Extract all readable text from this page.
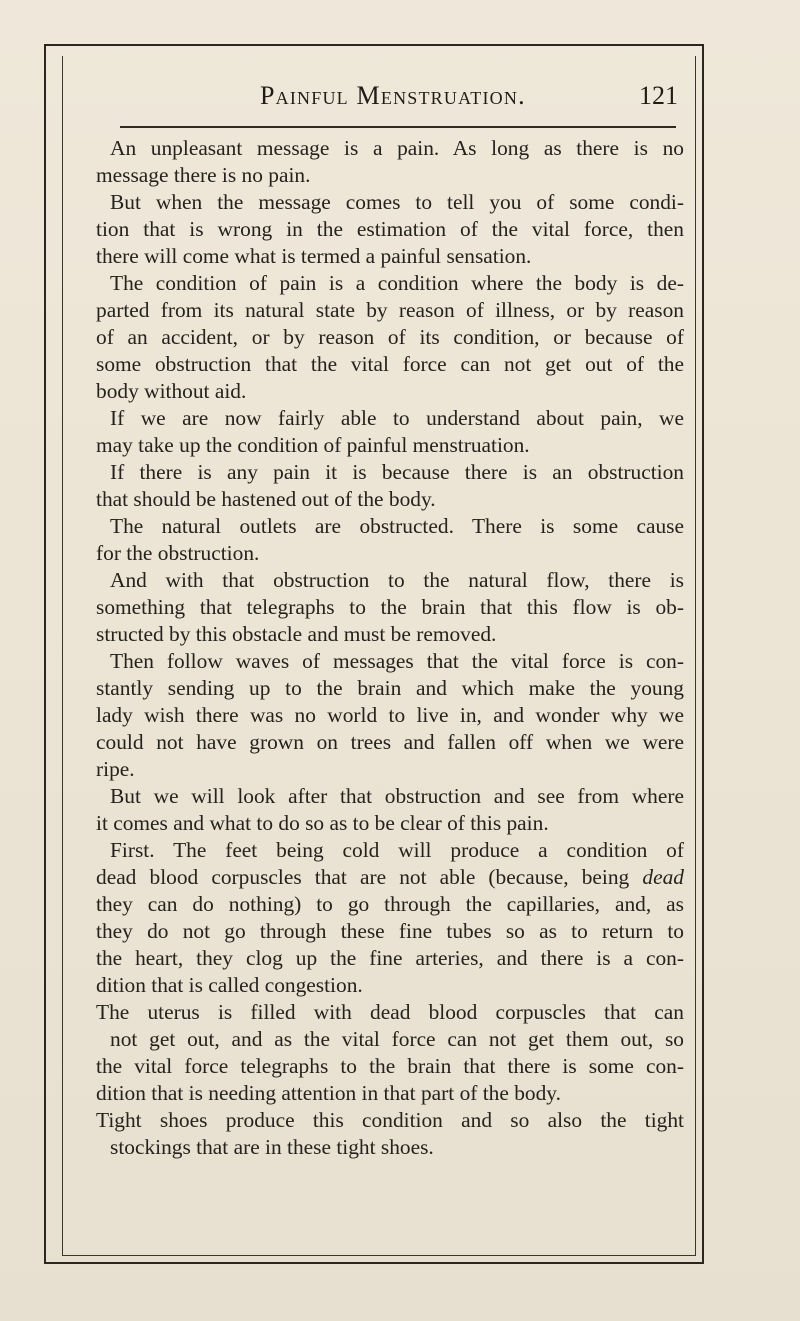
Painful Menstruation.	121
An unpleasant message is a pain. As long as there is no
message there is no pain.
But when the message comes to tell you of some condi-
tion that is wrong in the estimation of the vital force, then
there will come what is termed a painful sensation.
The condition of pain is a condition where the body is de-
parted from its natural state by reason of illness, or by reason
of an accident, or by reason of its condition, or because of
some obstruction that the vital force can not get out of the
body without aid.
If we are now fairly able to understand about pain, we
may take up the condition of painful menstruation.
If there is any pain it is because there is an obstruction
that should be hastened out of the body.
The natural outlets are obstructed. There is some cause
for the obstruction.
And with that obstruction to the natural flow, there is
something that telegraphs to the brain that this flow is ob-
structed by this obstacle and must be removed.
Then follow waves of messages that the vital force is con-
stantly sending up to the brain and which make the young
lady wish there was no world to live in, and wonder why we
could not have grown on trees and fallen off when we were
ripe.
But we will look after that obstruction and see from where
it comes and what to do so as to be clear of this pain.
First. The feet being cold will produce a condition of
dead blood corpuscles that are not able (because, being dead
they can do nothing) to go through the capillaries, and, as
they do not go through these fine tubes so as to return to
the heart, they clog up the fine arteries, and there is a con-
dition that is called congestion.
The uterus is filled with dead blood corpuscles that can
not get out, and as the vital force can not get them out, so
the vital force telegraphs to the brain that there is some con-
dition that is needing attention in that part of the body.
Tight shoes produce this condition and so also the tight
stockings that are in these tight shoes.
